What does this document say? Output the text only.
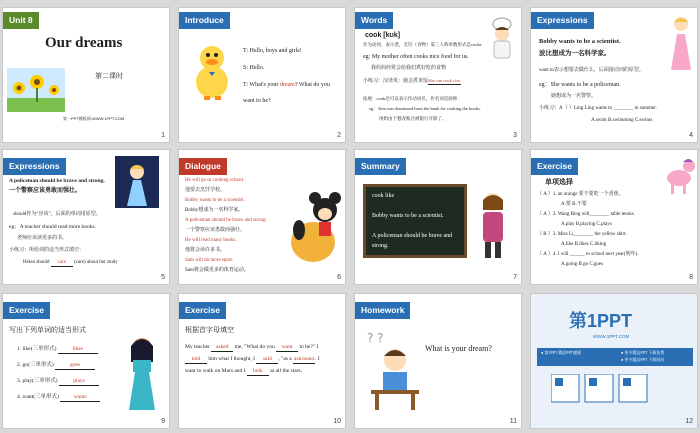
Unit 8
Our dreams
第二课时
第一PPT模板网-WWW.1PPT.COM
1
Introduce
T: Hello, boys and girls!
S: Hello.
T: What's your dream? What do you
want to be?
2
Words
cook [kʊk]
作为动词，表示煮，烹饪（食物）第三人称单数形式是cooks
eg: My mother often cooks nice food for us.
我妈妈经常会给我们煮好吃的食物
小练习：汉译英：她会煮米饭She can cook rice.
拓展：cook还可以表示作动词名，作名词是厨师：
eg：Tom was dismissed from the bank for cooking the books.
汤姆由于篡改账目被银行开除了。
3
Expressions
Bobby wants to be a scientist.
波比想成为一名科学家。
want to表示想要去做什么，后面接动词的原型。
eg：She wants to be a policeman.
她想成为一名警察。
小练习：A（ ）Ling Ling wants to ________ in summer.
A.swim B.swimming C.swims
4
Expressions
A policeman should be brave and strong.
一个警察应该勇敢而强壮。
should作为“应该”，后面的单词用原型。
eg：A teacher should read more books.
老师应该读更多的书。
小练习：所给词的适当形式填空：
Helen should care (care) about her study
5
Dialogue
He will go to cooking school.
他要去烹饪学校。
Bobby wants to be a scientist.
Bobby想成为一名科学家。
A policeman should be brave and strong.
一个警察应该勇敢而强壮。
He will read many books.
他将会读许多书。
Sam will do more sport.
Sam将会做更多的体育运动。
6
Summary
cook like
Bobby wants to be a scientist.
A policeman should be brave and
strong.
7
Exercise
单项选择
（ A ）1. an orange 要不要吃一个香蕉。
A.要 B.不要
（ A ）2. Wang Bing will________ table tennis.
A.play B.playing C.plays
（ B ）3. Miss Li________ the yellow shirt.
A.like B.likes C.liking
（ A ）4. I will ______ to school next year(明年).
A.going B.go C.goes
8
Exercise
写出下列单词的适当形式
1. like(三单形式)	likes
2. go(三单形式)	goes
3. play(三单形式)	plays
4. want(三单形式)	wants
9
Exercise
根据首字母填空
My teacher asked me, "What do you want to be?" I
told him what I thought, I said , "as a astronaut. I
want to walk on Mars and I look at all the stars.
10
Homework
? ?
What is your dream?
11
第1PPT
WWW.1PPT.COM
● 第1PPT 精品PPT模板	● 更多精品PPT 下载免费
● 更多精品PPT 下载网站
12
